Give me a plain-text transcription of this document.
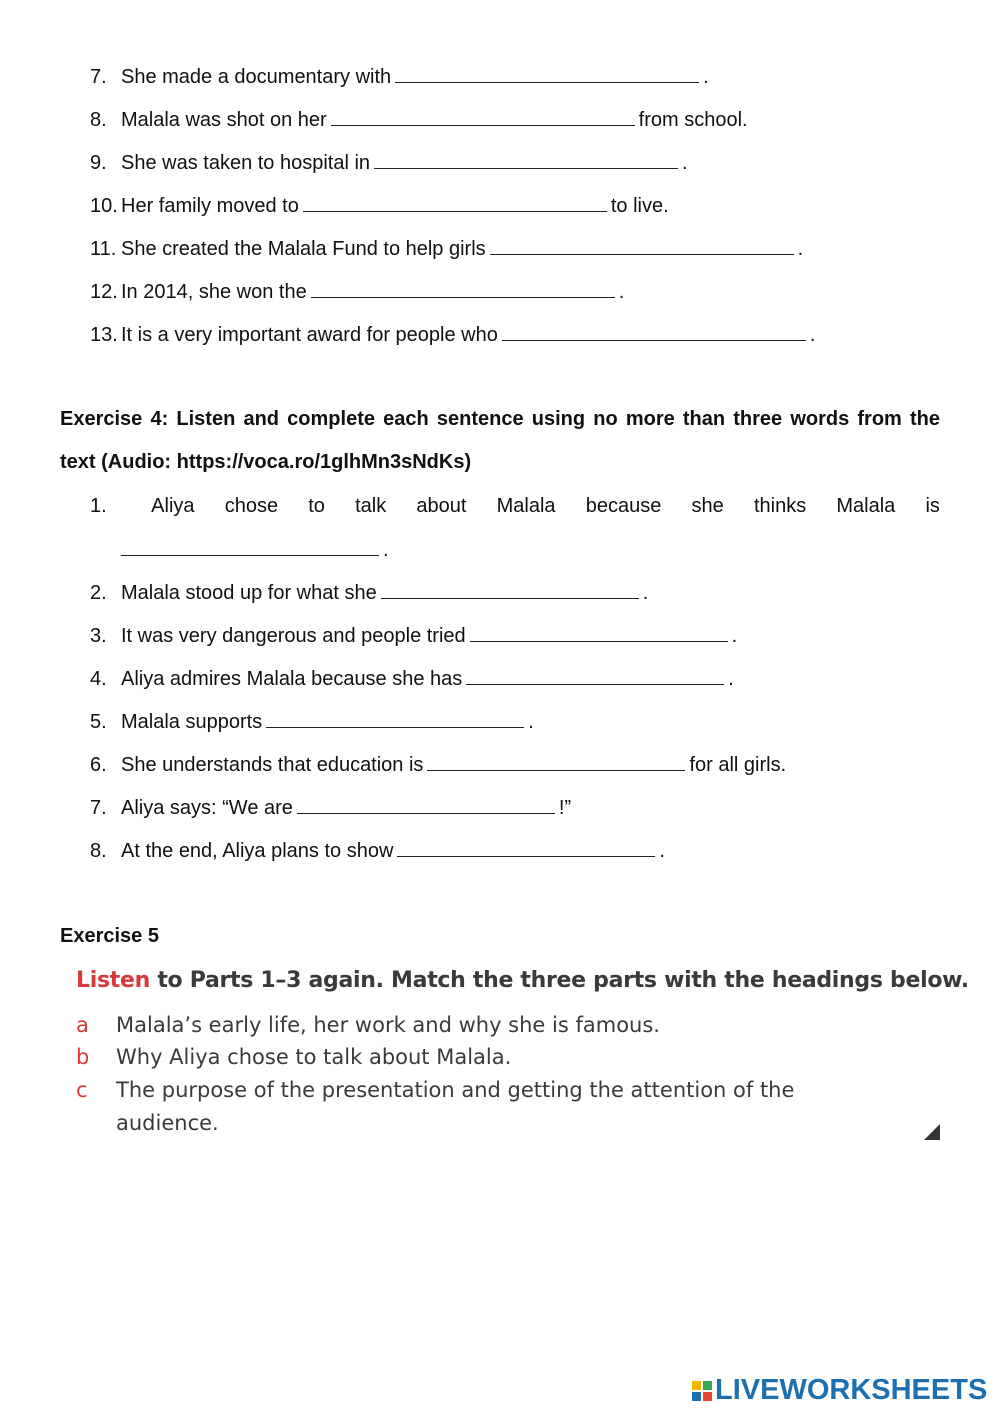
7. She made a documentary with	.
8. Malala was shot on her	from school.
9. She was taken to hospital in	.
10. Her family moved to	to live.
11. She created the Malala Fund to help girls	.
12. In 2014, she won the	.
13. It is a very important award for people who	.
Exercise 4: Listen and complete each sentence using no more than three words from the text (Audio: https://voca.ro/1glhMn3sNdKs)
1.	Aliya chose to talk about Malala because she thinks Malala is
.
2. Malala stood up for what she	.
3. It was very dangerous and people tried	.
4. Aliya admires Malala because she has	.
5. Malala supports	.
6. She understands that education is	for all girls.
7. Aliya says: “We are	!”
8. At the end, Aliya plans to show	.
Exercise 5
Listen to Parts 1–3 again. Match the three parts with the headings below.
a Malala’s early life, her work and why she is famous.
b Why Aliya chose to talk about Malala.
c The purpose of the presentation and getting the attention of the audience.
LIVEWORKSHEETS
